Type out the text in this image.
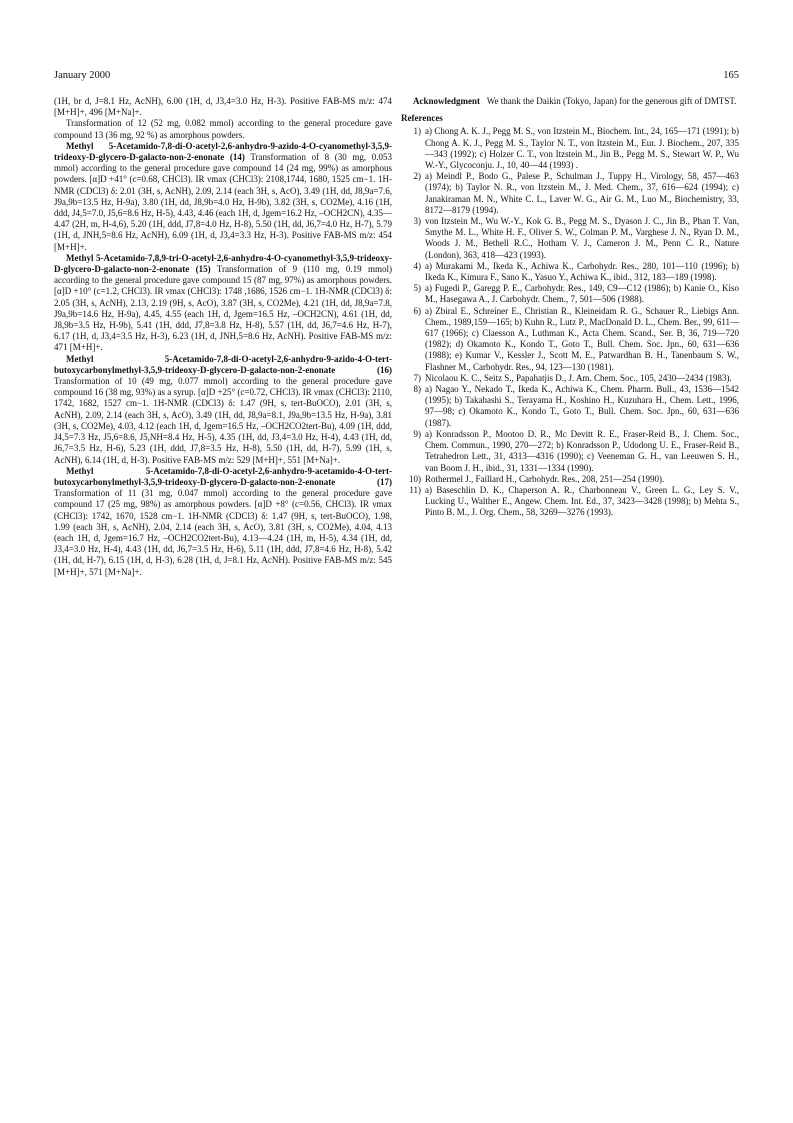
January 2000	165

(1H, br d, J=8.1 Hz, AcNH), 6.00 (1H, d, J3,4=3.0 Hz, H-3). Positive FAB-MS m/z: 474 [M+H]+, 496 [M+Na]+.

Transformation of 12 (52 mg, 0.082 mmol) according to the general procedure gave compound 13 (36 mg, 92 %) as amorphous powders.

Methyl 5-Acetamido-7,8-di-O-acetyl-2,6-anhydro-9-azido-4-O-cyanomethyl-3,5,9-trideoxy-D-glycero-D-galacto-non-2-enonate (14) Transformation of 8 (30 mg, 0.053 mmol) according to the general procedure gave compound 14 (24 mg, 99%) as amorphous powders. [α]D +41° (c=0.68, CHCl3). IR νmax (CHCl3): 2108,1744, 1680, 1525 cm−1. 1H-NMR (CDCl3) δ: 2.01 (3H, s, AcNH), 2.09, 2.14 (each 3H, s, AcO), 3.49 (1H, dd, J8,9a=7.6, J9a,9b=13.5 Hz, H-9a), 3.80 (1H, dd, J8,9b=4.0 Hz, H-9b), 3.82 (3H, s, CO2Me), 4.16 (1H, ddd, J4,5=7.0, J5,6=8.6 Hz, H-5), 4.43, 4.46 (each 1H, d, Jgem=16.2 Hz, –OCH2CN), 4.35—4.47 (2H, m, H-4,6), 5.20 (1H, ddd, J7,8=4.0 Hz, H-8), 5.50 (1H, dd, J6,7=4.0 Hz, H-7), 5.79 (1H, d, JNH,5=8.6 Hz, AcNH), 6.09 (1H, d, J3,4=3.3 Hz, H-3). Positive FAB-MS m/z: 454 [M+H]+.

Methyl 5-Acetamido-7,8,9-tri-O-acetyl-2,6-anhydro-4-O-cyanomethyl-3,5,9-trideoxy-D-glycero-D-galacto-non-2-enonate (15) Transformation of 9 (110 mg, 0.19 mmol) according to the general procedure gave compound 15 (87 mg, 97%) as amorphous powders. [α]D +10° (c=1.2, CHCl3). IR νmax (CHCl3): 1748 ,1686, 1526 cm−1. 1H-NMR (CDCl3) δ: 2.05 (3H, s, AcNH), 2.13, 2.19 (9H, s, AcO), 3.87 (3H, s, CO2Me), 4.21 (1H, dd, J8,9a=7.8, J9a,9b=14.6 Hz, H-9a), 4.45, 4.55 (each 1H, d, Jgem=16.5 Hz, –OCH2CN), 4.61 (1H, dd, J8,9b=3.5 Hz, H-9b), 5.41 (1H, ddd, J7,8=3.8 Hz, H-8), 5.57 (1H, dd, J6,7=4.6 Hz, H-7), 6.17 (1H, d, J3,4=3.5 Hz, H-3), 6.23 (1H, d, JNH,5=8.6 Hz, AcNH). Positive FAB-MS m/z: 471 [M+H]+.

Methyl 5-Acetamido-7,8-di-O-acetyl-2,6-anhydro-9-azido-4-O-tert-butoxycarbonylmethyl-3,5,9-trideoxy-D-glycero-D-galacto-non-2-enonate (16) Transformation of 10 (49 mg, 0.077 mmol) according to the general procedure gave compound 16 (38 mg, 93%) as a syrup. [α]D +25° (c=0.72, CHCl3). IR νmax (CHCl3): 2110, 1742, 1682, 1527 cm−1. 1H-NMR (CDCl3) δ: 1.47 (9H, s, tert-BuOCO), 2.01 (3H, s, AcNH), 2.09, 2.14 (each 3H, s, AcO), 3.49 (1H, dd, J8,9a=8.1, J9a,9b=13.5 Hz, H-9a), 3.81 (3H, s, CO2Me), 4.03, 4.12 (each 1H, d, Jgem=16.5 Hz, –OCH2CO2tert-Bu), 4.09 (1H, ddd, J4,5=7.3 Hz, J5,6=8.6, J5,NH=8.4 Hz, H-5), 4.35 (1H, dd, J3,4=3.0 Hz, H-4), 4.43 (1H, dd, J6,7=3.5 Hz, H-6), 5.23 (1H, ddd, J7,8=3.5 Hz, H-8), 5.50 (1H, dd, H-7), 5.99 (1H, s, AcNH), 6.14 (1H, d, H-3). Positive FAB-MS m/z: 529 [M+H]+, 551 [M+Na]+.

Methyl 5-Acetamido-7,8-di-O-acetyl-2,6-anhydro-9-acetamido-4-O-tert-butoxycarbonylmethyl-3,5,9-trideoxy-D-glycero-D-galacto-non-2-enonate (17) Transformation of 11 (31 mg, 0.047 mmol) according to the general procedure gave compound 17 (25 mg, 98%) as amorphous powders. [α]D +8° (c=0.56, CHCl3). IR νmax (CHCl3): 1742, 1670, 1528 cm−1. 1H-NMR (CDCl3) δ: 1.47 (9H, s, tert-BuOCO), 1.98, 1.99 (each 3H, s, AcNH), 2.04, 2.14 (each 3H, s, AcO), 3.81 (3H, s, CO2Me), 4.04, 4.13 (each 1H, d, Jgem=16.7 Hz, –OCH2CO2tert-Bu), 4.13—4.24 (1H, m, H-5), 4.34 (1H, dd, J3,4=3.0 Hz, H-4), 4.43 (1H, dd, J6,7=3.5 Hz, H-6), 5.11 (1H, ddd, J7,8=4.6 Hz, H-8), 5.42 (1H, dd, H-7), 6.15 (1H, d, H-3), 6.28 (1H, d, J=8.1 Hz, AcNH). Positive FAB-MS m/z: 545 [M+H]+, 571 [M+Na]+.

Acknowledgment We thank the Daikin (Tokyo, Japan) for the generous gift of DMTST.

References
1) a) Chong A. K. J., Pegg M. S., von Itzstein M., Biochem. Int., 24, 165—171 (1991); b) Chong A. K. J., Pegg M. S., Taylor N. T., von Itzstein M., Eur. J. Biochem., 207, 335—343 (1992); c) Holzer C. T., von Itzstein M., Jin B., Pegg M. S., Stewart W. P., Wu W.-Y., Glycoconju. J., 10, 40—44 (1993) .
2) a) Meindl P., Bodo G., Palese P., Schulman J., Tuppy H., Virology, 58, 457—463 (1974); b) Taylor N. R., von Itzstein M., J. Med. Chem., 37, 616—624 (1994); c) Janakiraman M. N., White C. L., Laver W. G., Air G. M., Luo M., Biochemistry, 33, 8172—8179 (1994).
3) von Itzstein M., Wu W.-Y., Kok G. B., Pegg M. S., Dyason J. C., Jin B., Phan T. Van, Smythe M. L., White H. F., Oliver S. W., Colman P. M., Varghese J. N., Ryan D. M., Woods J. M., Bethell R.C., Hotham V. J., Cameron J. M., Penn C. R., Nature (London), 363, 418—423 (1993).
4) a) Murakami M., Ikeda K., Achiwa K., Carbohydr. Res., 280, 101—110 (1996); b) Ikeda K., Kimura F., Sano K., Yasuo Y., Achiwa K., ibid., 312, 183—189 (1998).
5) a) Fugedi P., Garegg P. E., Carbohydr. Res., 149, C9—C12 (1986); b) Kanie O., Kiso M., Hasegawa A., J. Carbohydr. Chem., 7, 501—506 (1988).
6) a) Zbiral E., Schreiner E., Christian R., Kleineidam R. G., Schauer R., Liebigs Ann. Chem., 1989,159—165; b) Kuhn R., Lutz P., MacDonald D. L., Chem. Ber., 99, 611—617 (1966); c) Claesson A., Luthman K., Acta Chem. Scand., Ser. B, 36, 719—720 (1982); d) Okamoto K., Kondo T., Goto T., Bull. Chem. Soc. Jpn., 60, 631—636 (1988); e) Kumar V., Kessler J., Scott M. E., Patwardhan B. H., Tanenbaum S. W., Flashner M., Carbohydr. Res., 94, 123—130 (1981).
7) Nicolaou K. C., Seitz S., Papahatjis D., J. Am. Chem. Soc., 105, 2430—2434 (1983).
8) a) Nagao Y., Nekado T., Ikeda K., Achiwa K., Chem. Pharm. Bull., 43, 1536—1542 (1995); b) Takahashi S., Terayama H., Koshino H., Kuzuhara H., Chem. Lett., 1996, 97—98; c) Okamoto K., Kondo T., Goto T., Bull. Chem. Soc. Jpn., 60, 631—636 (1987).
9) a) Konradsson P., Mootoo D. R., Mc Devitt R. E., Fraser-Reid B., J. Chem. Soc., Chem. Commun., 1990, 270—272; b) Konradsson P., Udodong U. E., Fraser-Reid B., Tetrahedron Lett., 31, 4313—4316 (1990); c) Veeneman G. H., van Leeuwen S. H., van Boom J. H., ibid., 31, 1331—1334 (1990).
10) Rothermel J., Faillard H., Carbohydr. Res., 208, 251—254 (1990).
11) a) Baseschlin D. K., Chaperson A. R., Charbonneau V., Green L. G., Ley S. V., Lucking U., Walther E., Angew. Chem. Int. Ed., 37, 3423—3428 (1998); b) Mehta S., Pinto B. M., J. Org. Chem., 58, 3269—3276 (1993).
